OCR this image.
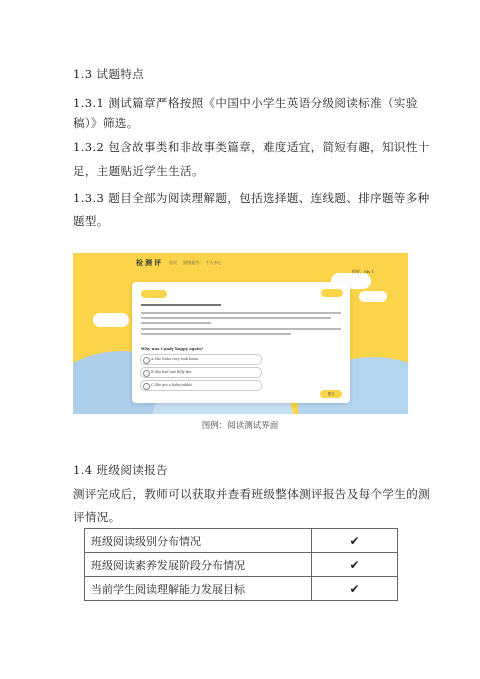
1.3 试题特点
1.3.1 测试篇章严格按照《中国中小学生英语分级阅读标准（实验
稿）》筛选。
1.3.2 包含故事类和非故事类篇章，难度适宜，简短有趣，知识性十
足，主题贴近学生生活。
1.3.3 题目全部为阅读理解题，包括选择题、连线题、排序题等多种
题型。
检测评 首页 班级报告 个人中心
你好，Ms 1
Why was Candy happy again?
A She looks very look home.
B She had lost Billy the.
C She got a baby rabbit.
提交
图例：阅读测试界面
1.4 班级阅读报告
测评完成后，教师可以获取并查看班级整体测评报告及每个学生的测
评情况。
班级阅读级别分布情况	✔
班级阅读素养发展阶段分布情况	✔
当前学生阅读理解能力发展目标	✔
